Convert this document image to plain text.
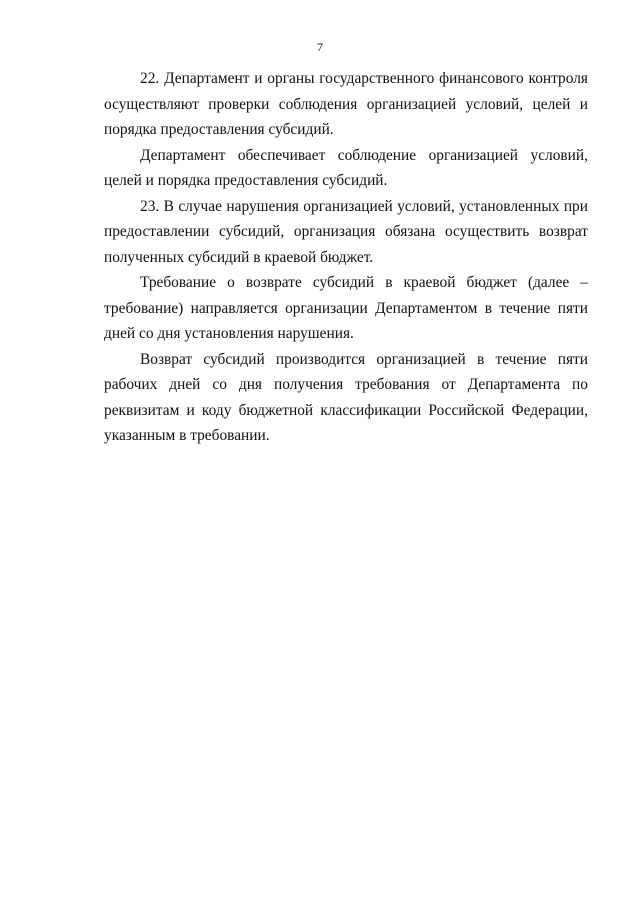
7

22. Департамент и органы государственного финансового контроля осуществляют проверки соблюдения организацией условий, целей и порядка предоставления субсидий.

Департамент обеспечивает соблюдение организацией условий, целей и порядка предоставления субсидий.

23. В случае нарушения организацией условий, установленных при предоставлении субсидий, организация обязана осуществить возврат полученных субсидий в краевой бюджет.

Требование о возврате субсидий в краевой бюджет (далее – требование) направляется организации Департаментом в течение пяти дней со дня установления нарушения.

Возврат субсидий производится организацией в течение пяти рабочих дней со дня получения требования от Департамента по реквизитам и коду бюджетной классификации Российской Федерации, указанным в требовании.
